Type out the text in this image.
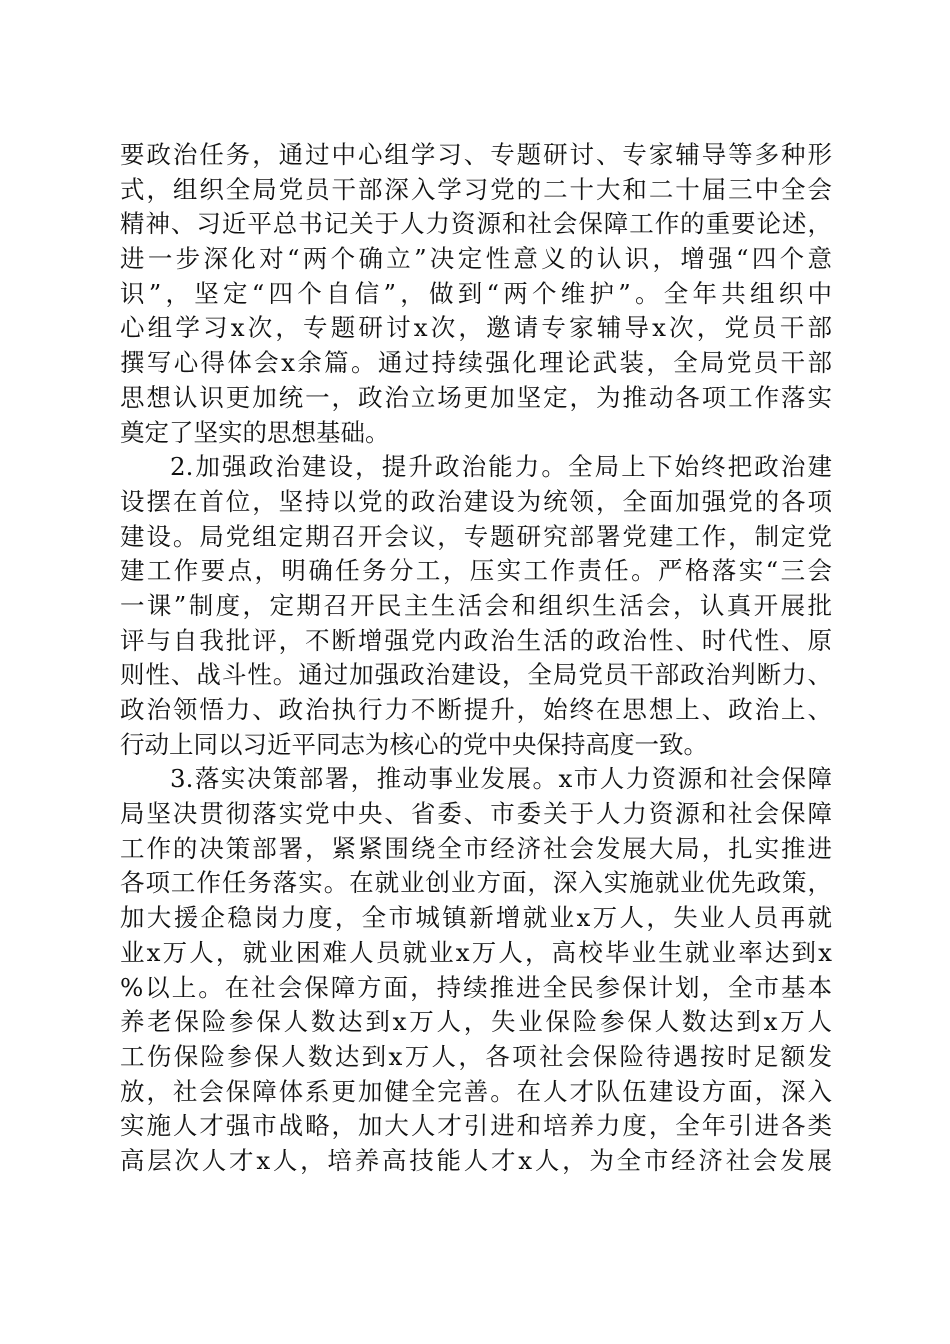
要政治任务，通过中心组学习、专题研讨、专家辅导等多种形
式，组织全局党员干部深入学习党的二十大和二十届三中全会
精神、习近平总书记关于人力资源和社会保障工作的重要论述，
进一步深化对“两个确立”决定性意义的认识，增强“四个意
识”，坚定“四个自信”，做到“两个维护”。全年共组织中
心组学习x次，专题研讨x次，邀请专家辅导x次，党员干部
撰写心得体会x余篇。通过持续强化理论武装，全局党员干部
思想认识更加统一，政治立场更加坚定，为推动各项工作落实
奠定了坚实的思想基础。
2.加强政治建设，提升政治能力。全局上下始终把政治建
设摆在首位，坚持以党的政治建设为统领，全面加强党的各项
建设。局党组定期召开会议，专题研究部署党建工作，制定党
建工作要点，明确任务分工，压实工作责任。严格落实“三会
一课”制度，定期召开民主生活会和组织生活会，认真开展批
评与自我批评，不断增强党内政治生活的政治性、时代性、原
则性、战斗性。通过加强政治建设，全局党员干部政治判断力、
政治领悟力、政治执行力不断提升，始终在思想上、政治上、
行动上同以习近平同志为核心的党中央保持高度一致。
3.落实决策部署，推动事业发展。x市人力资源和社会保障
局坚决贯彻落实党中央、省委、市委关于人力资源和社会保障
工作的决策部署，紧紧围绕全市经济社会发展大局，扎实推进
各项工作任务落实。在就业创业方面，深入实施就业优先政策，
加大援企稳岗力度，全市城镇新增就业x万人，失业人员再就
业x万人，就业困难人员就业x万人，高校毕业生就业率达到x
%以上。在社会保障方面，持续推进全民参保计划，全市基本
养老保险参保人数达到x万人，失业保险参保人数达到x万人
工伤保险参保人数达到x万人，各项社会保险待遇按时足额发
放，社会保障体系更加健全完善。在人才队伍建设方面，深入
实施人才强市战略，加大人才引进和培养力度，全年引进各类
高层次人才x人，培养高技能人才x人，为全市经济社会发展
